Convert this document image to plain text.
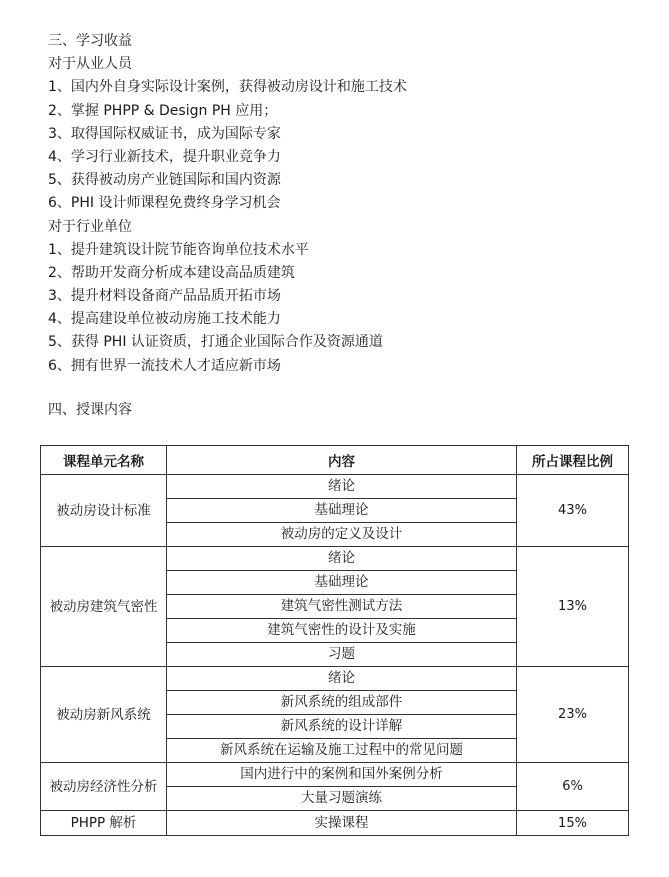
三、学习收益
对于从业人员
1、国内外自身实际设计案例，获得被动房设计和施工技术
2、掌握 PHPP & Design PH 应用；
3、取得国际权威证书，成为国际专家
4、学习行业新技术，提升职业竞争力
5、获得被动房产业链国际和国内资源
6、PHI 设计师课程免费终身学习机会
对于行业单位
1、提升建筑设计院节能咨询单位技术水平
2、帮助开发商分析成本建设高品质建筑
3、提升材料设备商产品品质开拓市场
4、提高建设单位被动房施工技术能力
5、获得 PHI 认证资质，打通企业国际合作及资源通道
6、拥有世界一流技术人才适应新市场
四、授课内容
课程单元名称	内容	所占课程比例
被动房设计标准	绪论	43%
	基础理论	
	被动房的定义及设计	
被动房建筑气密性	绪论	13%
	基础理论	
	建筑气密性测试方法	
	建筑气密性的设计及实施	
	习题	
被动房新风系统	绪论	23%
	新风系统的组成部件	
	新风系统的设计详解	
	新风系统在运输及施工过程中的常见问题	
被动房经济性分析	国内进行中的案例和国外案例分析	6%
	大量习题演练	
PHPP 解析	实操课程	15%
